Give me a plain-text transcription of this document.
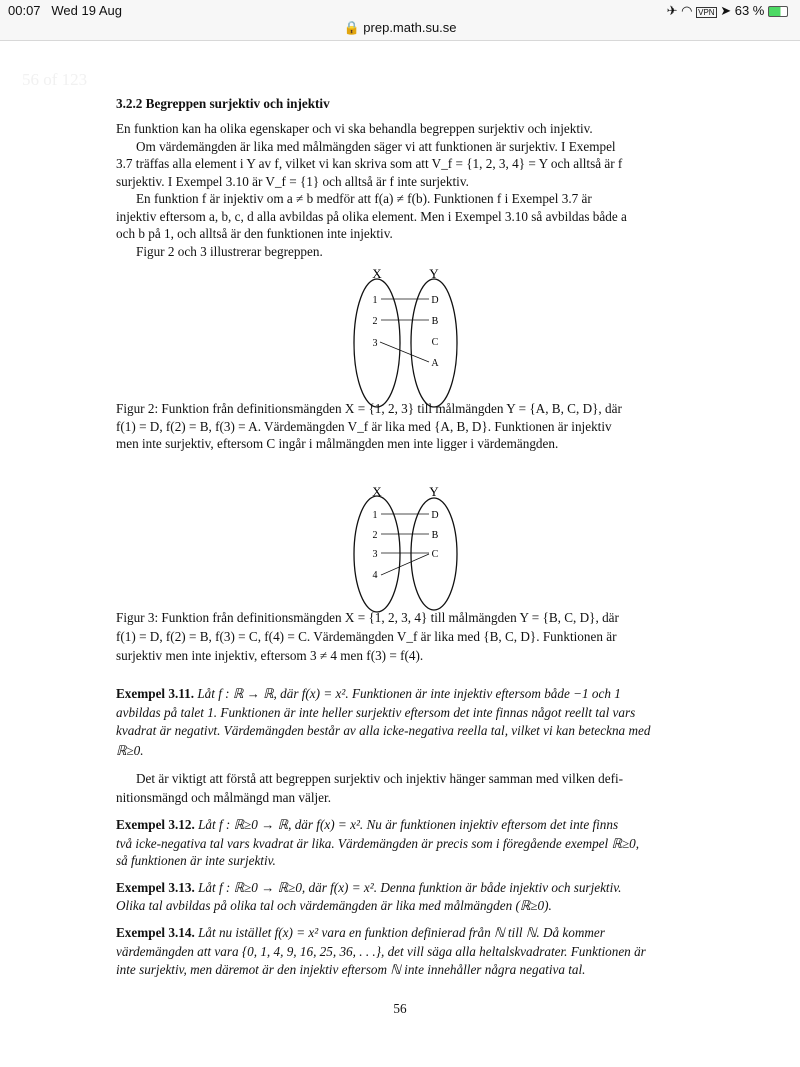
00:07 Wed 19 Aug	✈ ◠ VPN ➤ 63 %
🔒 prep.math.su.se
56 of 123
3.2.2 Begreppen surjektiv och injektiv
X	Y
1
2
3
D
B
C
A
X	Y
1
2
3
4
D
B
C
56
En funktion kan ha olika egenskaper och vi ska behandla begreppen surjektiv och injektiv.
Om värdemängden är lika med målmängden säger vi att funktionen är surjektiv. I Exempel
3.7 träffas alla element i Y av f, vilket vi kan skriva som att V_f = {1, 2, 3, 4} = Y och alltså är f
surjektiv. I Exempel 3.10 är V_f = {1} och alltså är f inte surjektiv.
En funktion f är injektiv om a ≠ b medför att f(a) ≠ f(b). Funktionen f i Exempel 3.7 är
injektiv eftersom a, b, c, d alla avbildas på olika element. Men i Exempel 3.10 så avbildas både a
och b på 1, och alltså är den funktionen inte injektiv.
Figur 2 och 3 illustrerar begreppen.
Figur 2: Funktion från definitionsmängden X = {1, 2, 3} till målmängden Y = {A, B, C, D}, där
f(1) = D, f(2) = B, f(3) = A. Värdemängden V_f är lika med {A, B, D}. Funktionen är injektiv
men inte surjektiv, eftersom C ingår i målmängden men inte ligger i värdemängden.
Figur 3: Funktion från definitionsmängden X = {1, 2, 3, 4} till målmängden Y = {B, C, D}, där
f(1) = D, f(2) = B, f(3) = C, f(4) = C. Värdemängden V_f är lika med {B, C, D}. Funktionen är
surjektiv men inte injektiv, eftersom 3 ≠ 4 men f(3) = f(4).
Exempel 3.11. Låt f : ℝ → ℝ, där f(x) = x². Funktionen är inte injektiv eftersom både −1 och 1
avbildas på talet 1. Funktionen är inte heller surjektiv eftersom det inte finnas något reellt tal vars
kvadrat är negativt. Värdemängden består av alla icke-negativa reella tal, vilket vi kan beteckna med
ℝ≥0.
Det är viktigt att förstå att begreppen surjektiv och injektiv hänger samman med vilken defi-
nitionsmängd och målmängd man väljer.
Exempel 3.12. Låt f : ℝ≥0 → ℝ, där f(x) = x². Nu är funktionen injektiv eftersom det inte finns
två icke-negativa tal vars kvadrat är lika. Värdemängden är precis som i föregående exempel ℝ≥0,
så funktionen är inte surjektiv.
Exempel 3.13. Låt f : ℝ≥0 → ℝ≥0, där f(x) = x². Denna funktion är både injektiv och surjektiv.
Olika tal avbildas på olika tal och värdemängden är lika med målmängden (ℝ≥0).
Exempel 3.14. Låt nu istället f(x) = x² vara en funktion definierad från ℕ till ℕ. Då kommer
värdemängden att vara {0, 1, 4, 9, 16, 25, 36, . . .}, det vill säga alla heltalskvadrater. Funktionen är
inte surjektiv, men däremot är den injektiv eftersom ℕ inte innehåller några negativa tal.
